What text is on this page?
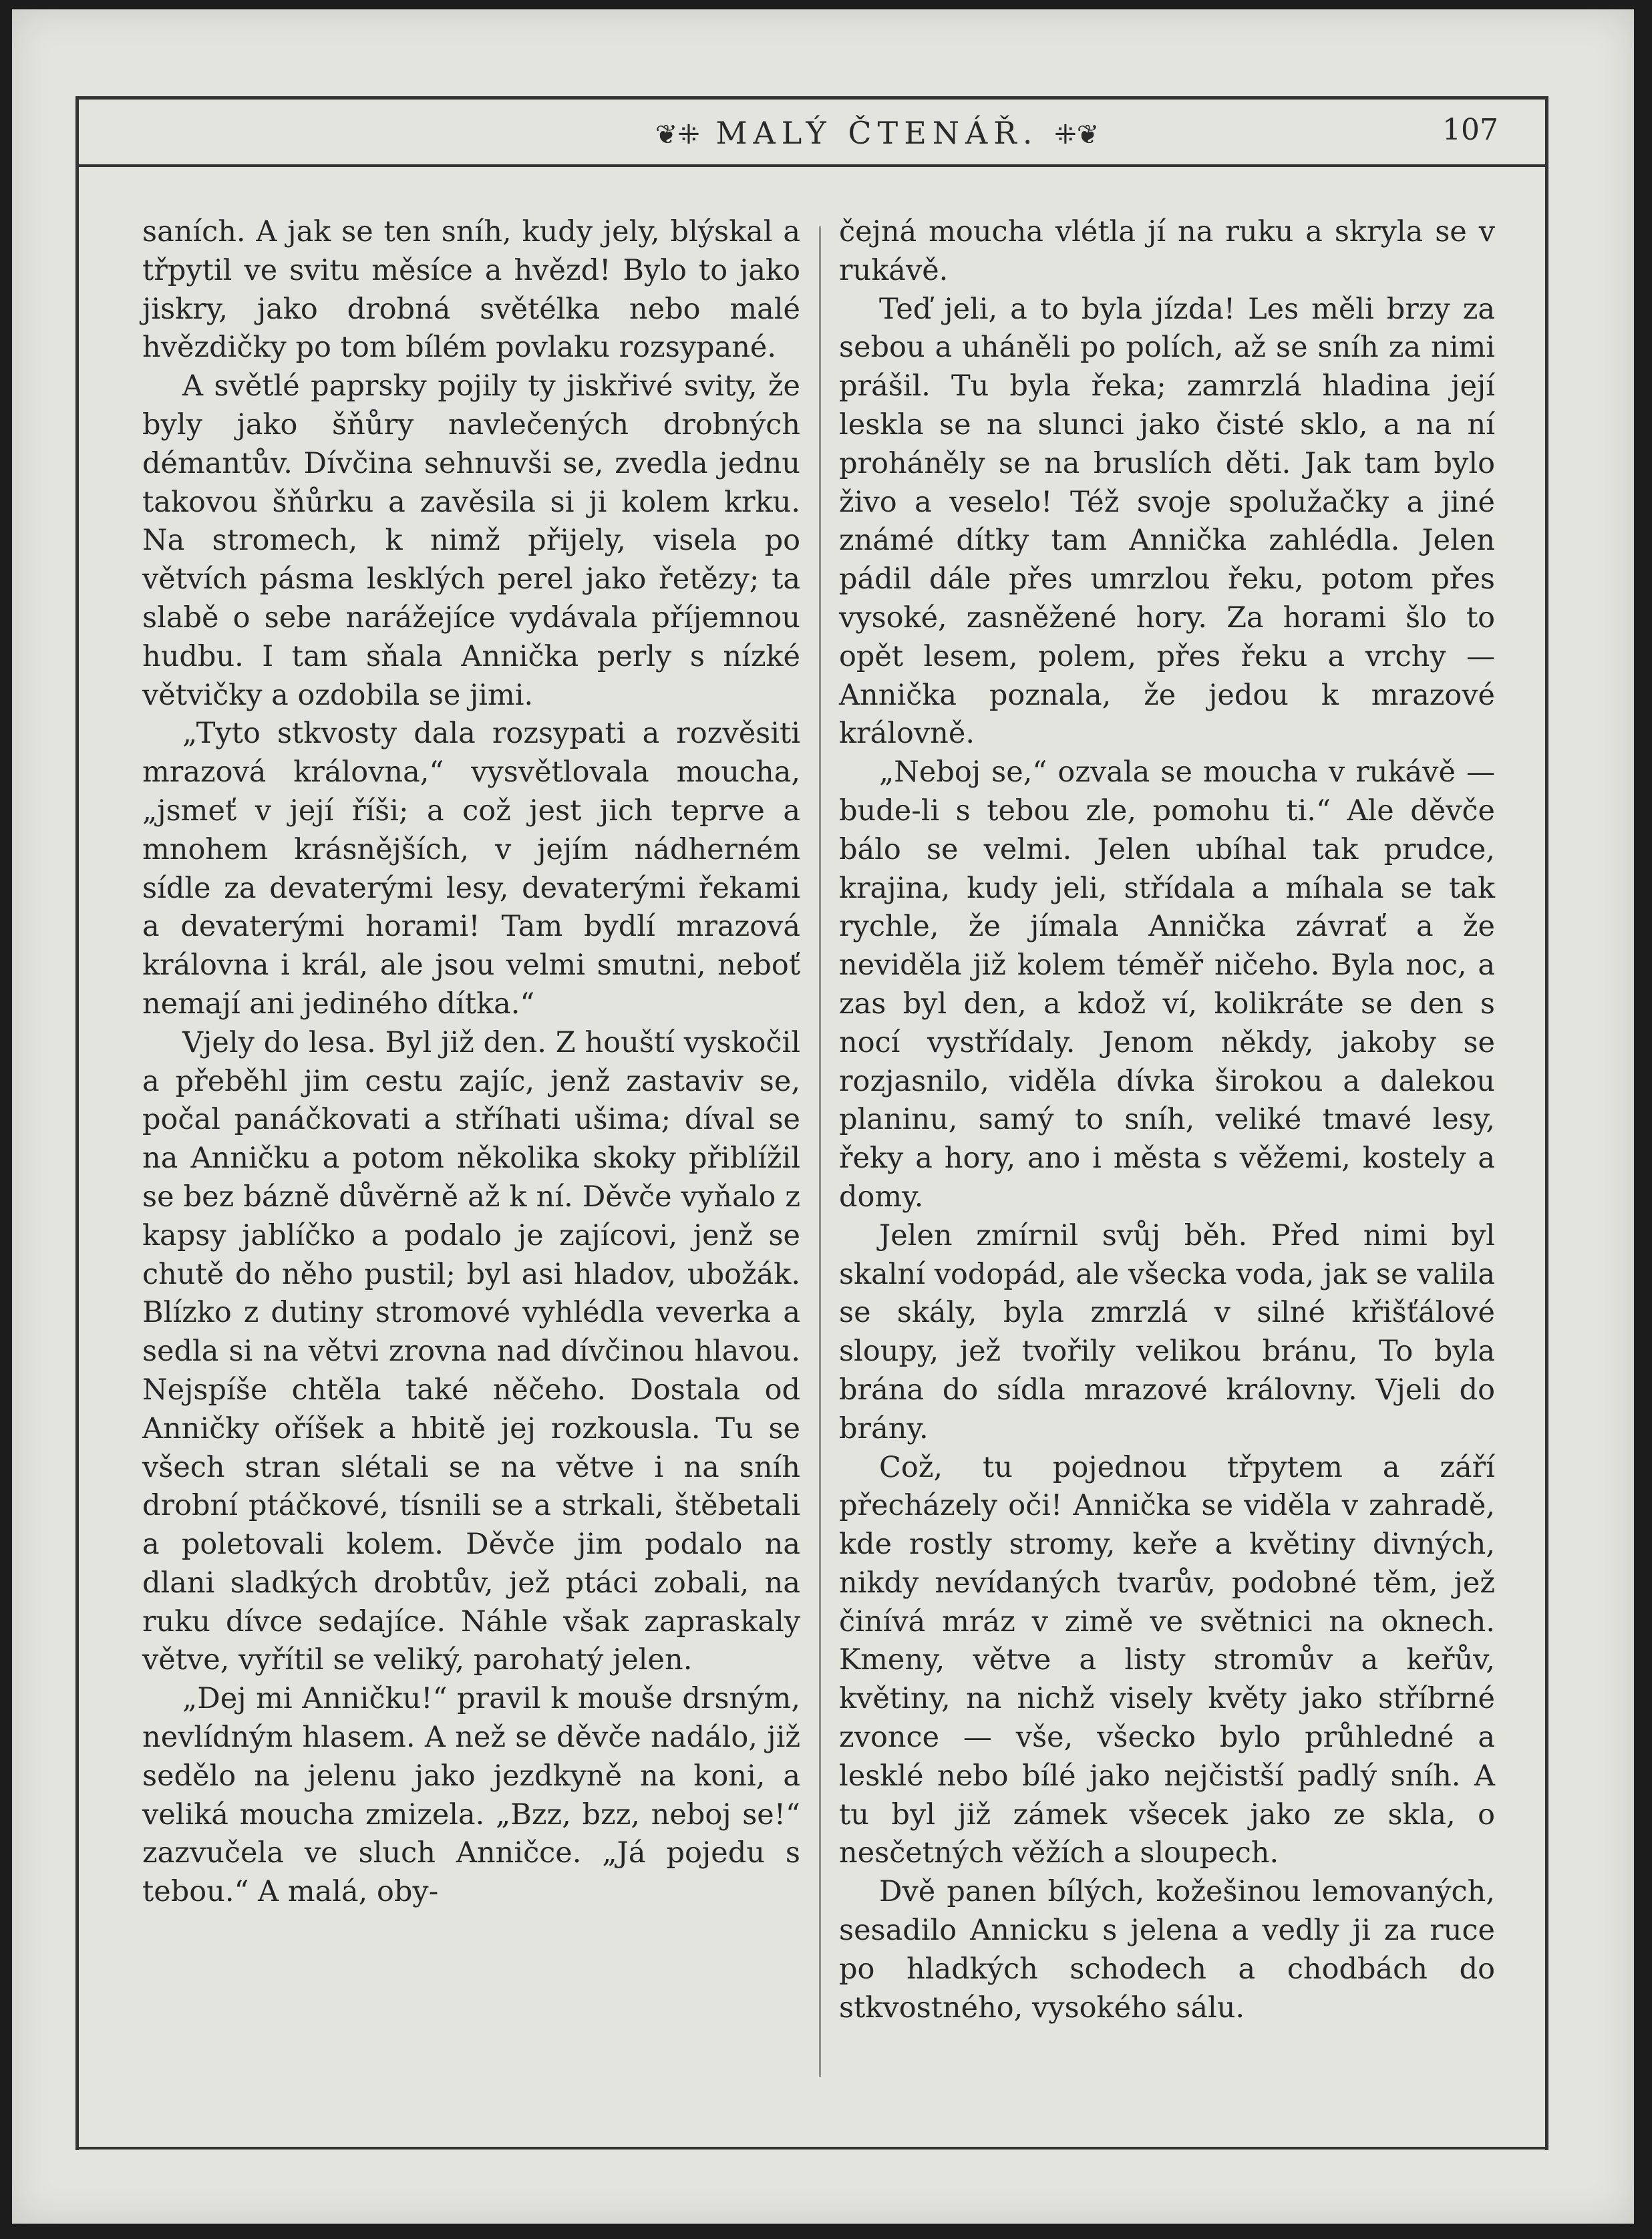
❦⁜ MALÝ ČTENÁŘ. ⁜❦	107

saních. A jak se ten sníh, kudy jely, blýskal a třpytil ve svitu měsíce a hvězd! Bylo to jako jiskry, jako drobná světélka nebo malé hvězdičky po tom bílém povlaku rozsypané.

A světlé paprsky pojily ty jiskřivé svity, že byly jako šňůry navlečených drobných démantův. Dívčina sehnuvši se, zvedla jednu takovou šňůrku a zavěsila si ji kolem krku. Na stromech, k nimž přijely, visela po větvích pásma lesklých perel jako řetězy; ta slabě o sebe narážejíce vydávala příjemnou hudbu. I tam sňala Annička perly s nízké větvičky a ozdobila se jimi.

„Tyto stkvosty dala rozsypati a rozvěsiti mrazová královna,“ vysvětlovala moucha, „jsmeť v její říši; a což jest jich teprve a mnohem krásnějších, v jejím nádherném sídle za devaterými lesy, devaterými řekami a devaterými horami! Tam bydlí mrazová královna i král, ale jsou velmi smutni, neboť nemají ani jediného dítka.“

Vjely do lesa. Byl již den. Z houští vyskočil a přeběhl jim cestu zajíc, jenž zastaviv se, počal panáčkovati a stříhati ušima; díval se na Anničku a potom několika skoky přiblížil se bez bázně důvěrně až k ní. Děvče vyňalo z kapsy jablíčko a podalo je zajícovi, jenž se chutě do něho pustil; byl asi hladov, ubožák. Blízko z dutiny stromové vyhlédla veverka a sedla si na větvi zrovna nad dívčinou hlavou. Nejspíše chtěla také něčeho. Dostala od Anničky oříšek a hbitě jej rozkousla. Tu se všech stran slétali se na větve i na sníh drobní ptáčkové, tísnili se a strkali, štěbetali a poletovali kolem. Děvče jim podalo na dlani sladkých drobtův, jež ptáci zobali, na ruku dívce sedajíce. Náhle však zapraskaly větve, vyřítil se veliký, parohatý jelen.

„Dej mi Anničku!“ pravil k mouše drsným, nevlídným hlasem. A než se děvče nadálo, již sedělo na jelenu jako jezdkyně na koni, a veliká moucha zmizela. „Bzz, bzz, neboj se!“ zazvučela ve sluch Anničce. „Já pojedu s tebou.“ A malá, oby-

čejná moucha vlétla jí na ruku a skryla se v rukávě.

Teď jeli, a to byla jízda! Les měli brzy za sebou a uháněli po polích, až se sníh za nimi prášil. Tu byla řeka; zamrzlá hladina její leskla se na slunci jako čisté sklo, a na ní proháněly se na bruslích děti. Jak tam bylo živo a veselo! Též svoje spolužačky a jiné známé dítky tam Annička zahlédla. Jelen pádil dále přes umrzlou řeku, potom přes vysoké, zasněžené hory. Za horami šlo to opět lesem, polem, přes řeku a vrchy — Annička poznala, že jedou k mrazové královně.

„Neboj se,“ ozvala se moucha v rukávě — bude-li s tebou zle, pomohu ti.“ Ale děvče bálo se velmi. Jelen ubíhal tak prudce, krajina, kudy jeli, střídala a míhala se tak rychle, že jímala Annička závrať a že neviděla již kolem téměř ničeho. Byla noc, a zas byl den, a kdož ví, kolikráte se den s nocí vystřídaly. Jenom někdy, jakoby se rozjasnilo, viděla dívka širokou a dalekou planinu, samý to sníh, veliké tmavé lesy, řeky a hory, ano i města s věžemi, kostely a domy.

Jelen zmírnil svůj běh. Před nimi byl skalní vodopád, ale všecka voda, jak se valila se skály, byla zmrzlá v silné křišťálové sloupy, jež tvořily velikou bránu, To byla brána do sídla mrazové královny. Vjeli do brány.

Což, tu pojednou třpytem a září přecházely oči! Annička se viděla v zahradě, kde rostly stromy, keře a květiny divných, nikdy nevídaných tvarův, podobné těm, jež činívá mráz v zimě ve světnici na oknech. Kmeny, větve a listy stromův a keřův, květiny, na nichž visely květy jako stříbrné zvonce — vše, všecko bylo průhledné a lesklé nebo bílé jako nejčistší padlý sníh. A tu byl již zámek všecek jako ze skla, o nesčetných věžích a sloupech.

Dvě panen bílých, kožešinou lemovaných, sesadilo Annicku s jelena a vedly ji za ruce po hladkých schodech a chodbách do stkvostného, vysokého sálu.
